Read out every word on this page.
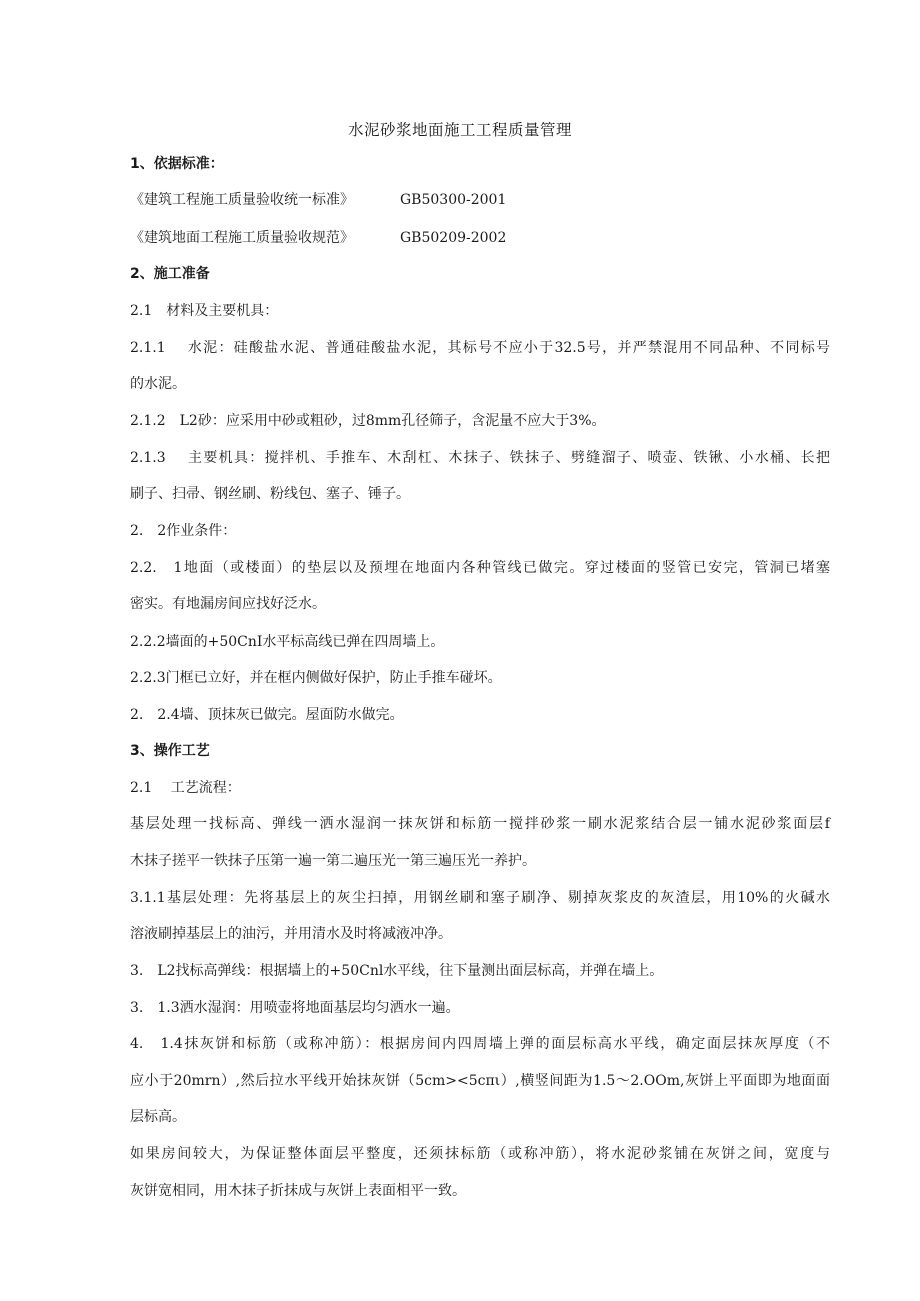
水泥砂浆地面施工工程质量管理
1、依据标准：
《建筑工程施工质量验收统一标准》	GB50300-2001
《建筑地面工程施工质量验收规范》	GB50209-2002
2、施工准备
2.1　材料及主要机具：
2.1.1　 水泥：硅酸盐水泥、普通硅酸盐水泥，其标号不应小于32.5号，并严禁混用不同品种、不同标号
的水泥。
2.1.2　L2砂：应采用中砂或粗砂，过8mm孔径筛子，含泥量不应大于3%。
2.1.3　 主要机具：搅拌机、手推车、木刮杠、木抹子、铁抹子、劈缝溜子、喷壶、铁锹、小水桶、长把
刷子、扫帚、钢丝刷、粉线包、塞子、锤子。
2.　2作业条件：
2.2.　1地面（或楼面）的垫层以及预埋在地面内各种管线已做完。穿过楼面的竖管已安完，管洞已堵塞
密实。有地漏房间应找好泛水。
2.2.2墙面的+50CnI水平标高线已弹在四周墙上。
2.2.3门框已立好，并在框内侧做好保护，防止手推车碰坏。
2.　2.4墙、顶抹灰已做完。屋面防水做完。
3、操作工艺
2.1　 工艺流程：
基层处理一找标高、弹线一洒水湿润一抹灰饼和标筋一搅拌砂浆一刷水泥浆结合层一铺水泥砂浆面层f
木抹子搓平一铁抹子压第一遍一第二遍压光一第三遍压光一养护。
3.1.1基层处理：先将基层上的灰尘扫掉，用钢丝刷和塞子刷净、剔掉灰浆皮的灰渣层，用10%的火碱水
溶液刷掉基层上的油污，并用清水及时将减液冲净。
3.　L2找标高弹线：根据墙上的+50Cnl水平线，往下量测出面层标高，并弹在墙上。
3.　1.3洒水湿润：用喷壶将地面基层均匀洒水一遍。
4.　1.4抹灰饼和标筋（或称冲筋）：根据房间内四周墙上弹的面层标高水平线，确定面层抹灰厚度（不
应小于20mrn）,然后拉水平线开始抹灰饼（5cm><5cπι）,横竖间距为1.5～2.OOm,灰饼上平面即为地面面
层标高。
如果房间较大，为保证整体面层平整度，还须抹标筋（或称冲筋），将水泥砂浆铺在灰饼之间，宽度与
灰饼宽相同，用木抹子折抹成与灰饼上表面相平一致。
